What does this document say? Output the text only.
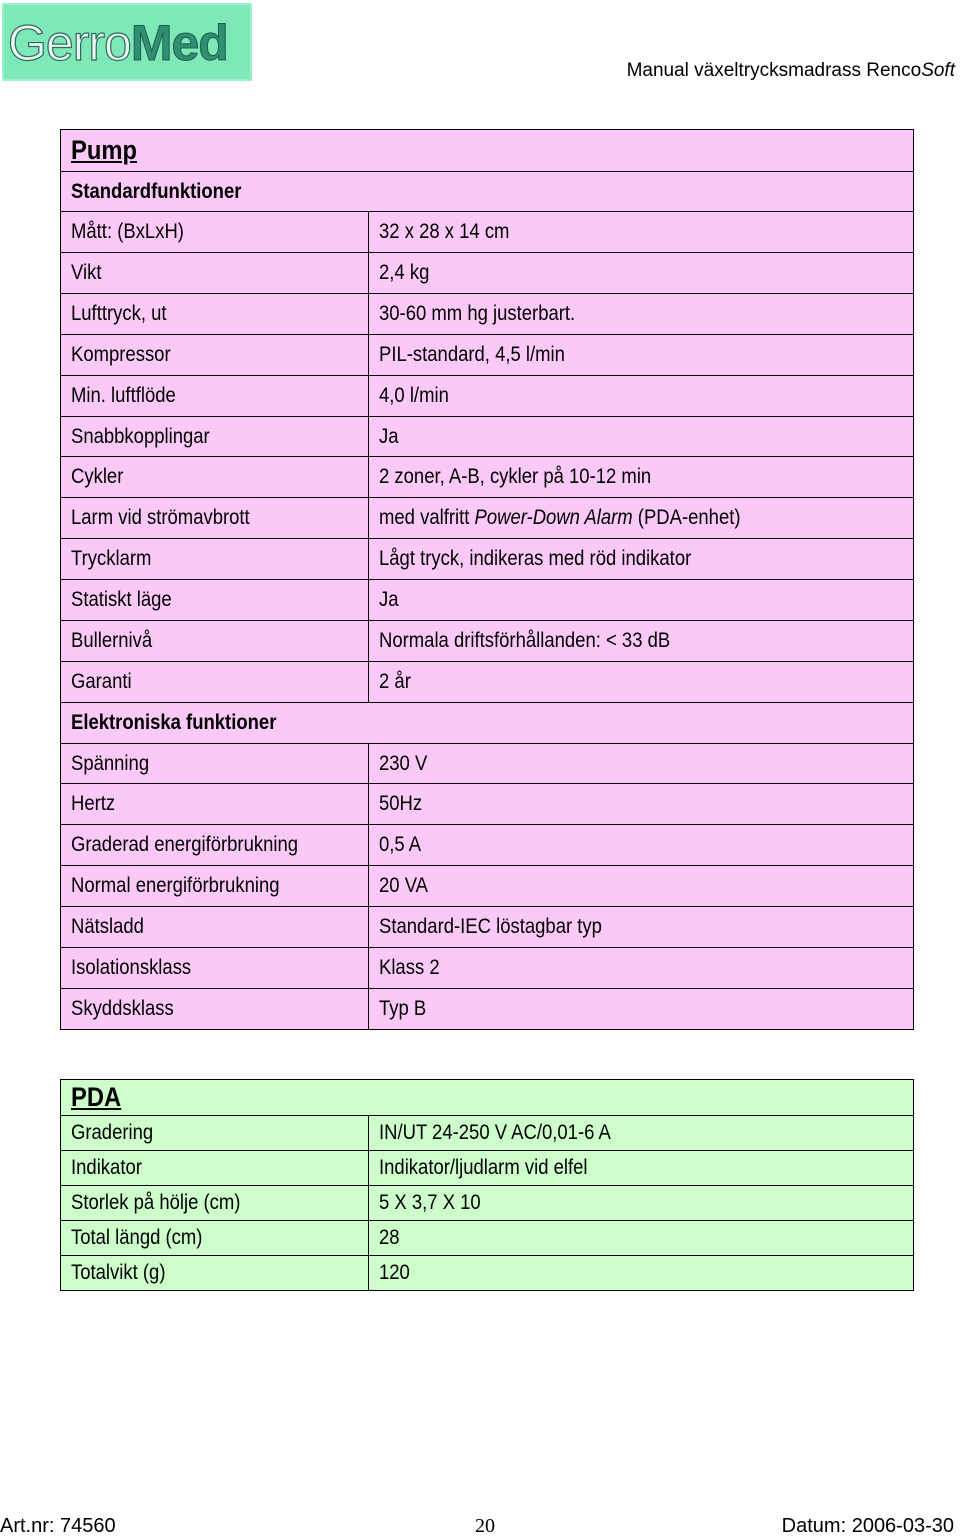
GerroMed	Manual växeltrycksmadrass RencoSoft
Pump	
Standardfunktioner	
Mått: (BxLxH)	32 x 28 x 14 cm
Vikt	2,4 kg
Lufttryck, ut	30-60 mm hg justerbart.
Kompressor	PIL-standard, 4,5 l/min
Min. luftflöde	4,0 l/min
Snabbkopplingar	Ja
Cykler	2 zoner, A-B, cykler på 10-12 min
Larm vid strömavbrott	med valfritt Power-Down Alarm (PDA-enhet)
Trycklarm	Lågt tryck, indikeras med röd indikator
Statiskt läge	Ja
Bullernivå	Normala driftsförhållanden: < 33 dB
Garanti	2 år
Elektroniska funktioner	
Spänning	230 V
Hertz	50Hz
Graderad energiförbrukning	0,5 A
Normal energiförbrukning	20 VA
Nätsladd	Standard-IEC löstagbar typ
Isolationsklass	Klass 2
Skyddsklass	Typ B
PDA	
Gradering	IN/UT 24-250 V AC/0,01-6 A
Indikator	Indikator/ljudlarm vid elfel
Storlek på hölje (cm)	5 X 3,7 X 10
Total längd (cm)	28
Totalvikt (g)	120
Art.nr: 74560	20	Datum: 2006-03-30
